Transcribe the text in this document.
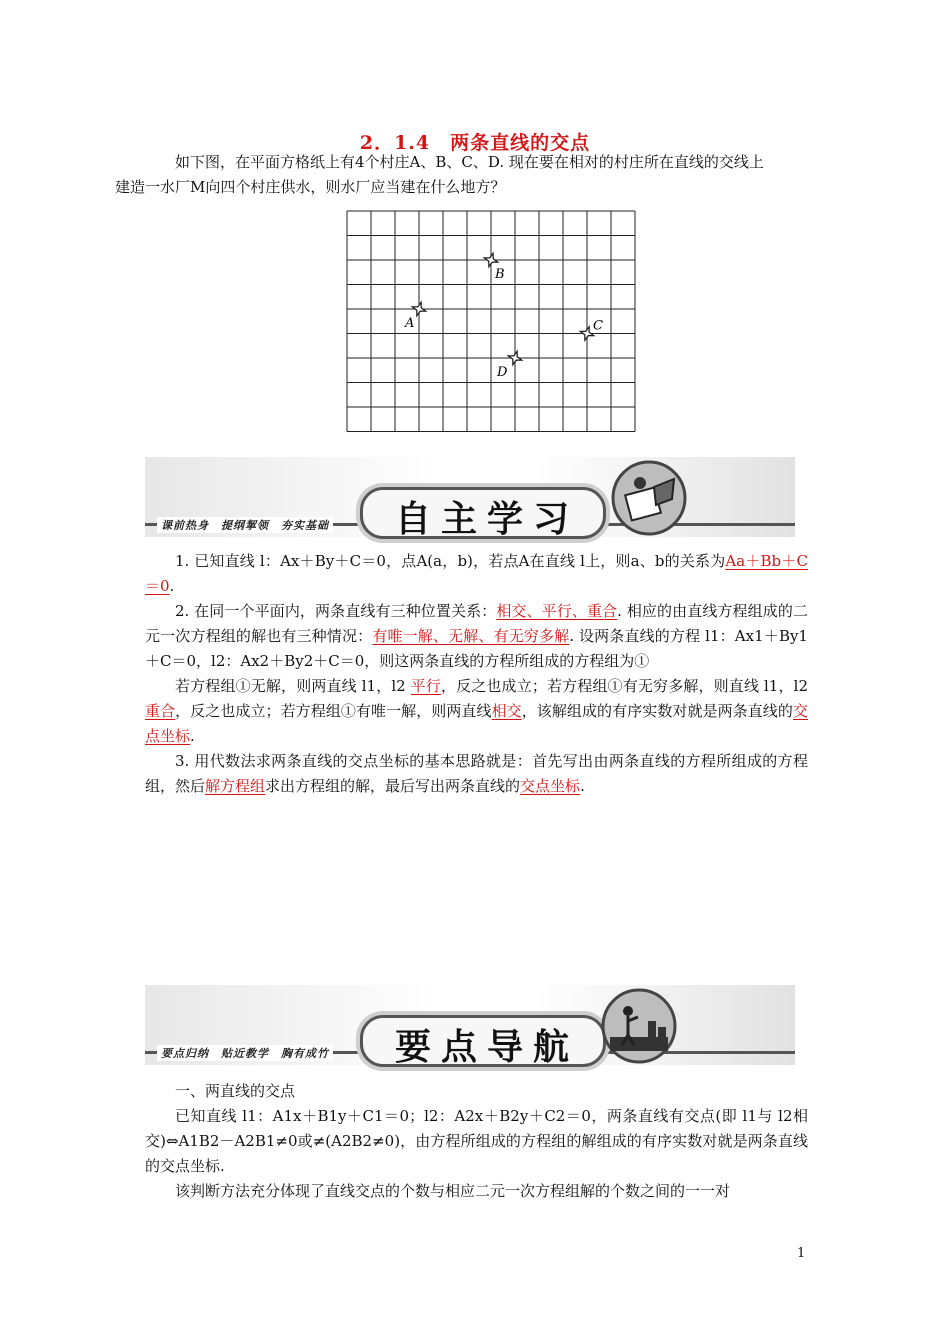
2．1.4　两条直线的交点
如下图，在平面方格纸上有4个村庄A、B、C、D. 现在要在相对的村庄所在直线的交线上
建造一水厂M向四个村庄供水，则水厂应当建在什么地方？
A
B
C
D
课前热身　提纲挈领　夯实基础 自主学习
1. 已知直线 l：Ax＋By＋C＝0，点A(a，b)，若点A在直线 l上，则a、b的关系为Aa＋Bb＋C＝0.
2. 在同一个平面内，两条直线有三种位置关系：相交、平行、重合. 相应的由直线方程组成的二元一次方程组的解也有三种情况：有唯一解、无解、有无穷多解. 设两条直线的方程 l1：Ax1＋By1＋C＝0，l2：Ax2＋By2＋C＝0，则这两条直线的方程所组成的方程组为①
若方程组①无解，则两直线 l1，l2 平行，反之也成立；若方程组①有无穷多解，则直线 l1，l2 重合，反之也成立；若方程组①有唯一解，则两直线相交，该解组成的有序实数对就是两条直线的交点坐标.
3. 用代数法求两条直线的交点坐标的基本思路就是：首先写出由两条直线的方程所组成的方程组，然后解方程组求出方程组的解，最后写出两条直线的交点坐标.
要点归纳　贴近教学　胸有成竹 要点导航
一、两直线的交点
已知直线 l1：A1x＋B1y＋C1＝0；l2：A2x＋B2y＋C2＝0，两条直线有交点(即 l1与 l2相交)⇔A1B2－A2B1≠0或≠(A2B2≠0)，由方程所组成的方程组的解组成的有序实数对就是两条直线的交点坐标.
该判断方法充分体现了直线交点的个数与相应二元一次方程组解的个数之间的一一对
1
